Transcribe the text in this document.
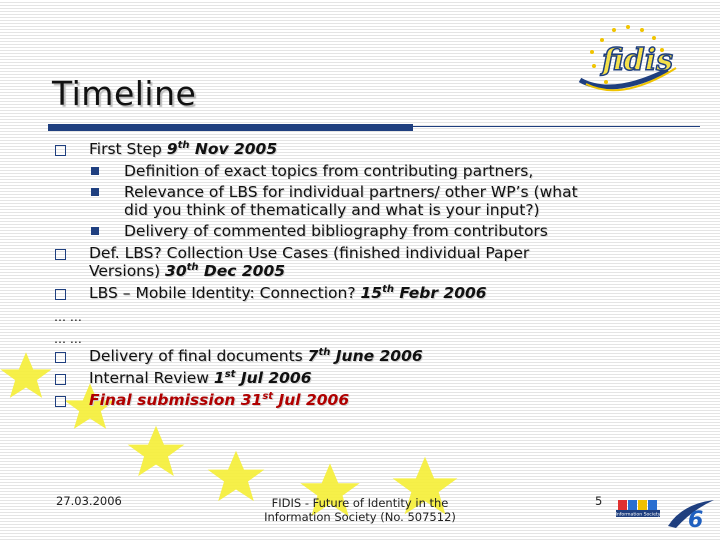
fidis
Timeline
First Step 9th Nov 2005
Definition of exact topics from contributing partners,
Relevance of LBS for individual partners/ other WP’s (what
did you think of thematically and what is your input?)
Delivery of commented bibliography from contributors
Def. LBS? Collection Use Cases (finished individual Paper
Versions) 30th Dec 2005
LBS – Mobile Identity: Connection? 15th Febr 2006
… …
… …
Delivery of final documents 7th June 2006
Internal Review 1st Jul 2006
Final submission 31st Jul 2006
27.03.2006	FIDIS - Future of Identity in the
Information Society (No. 507512)
5
Information Society 6
